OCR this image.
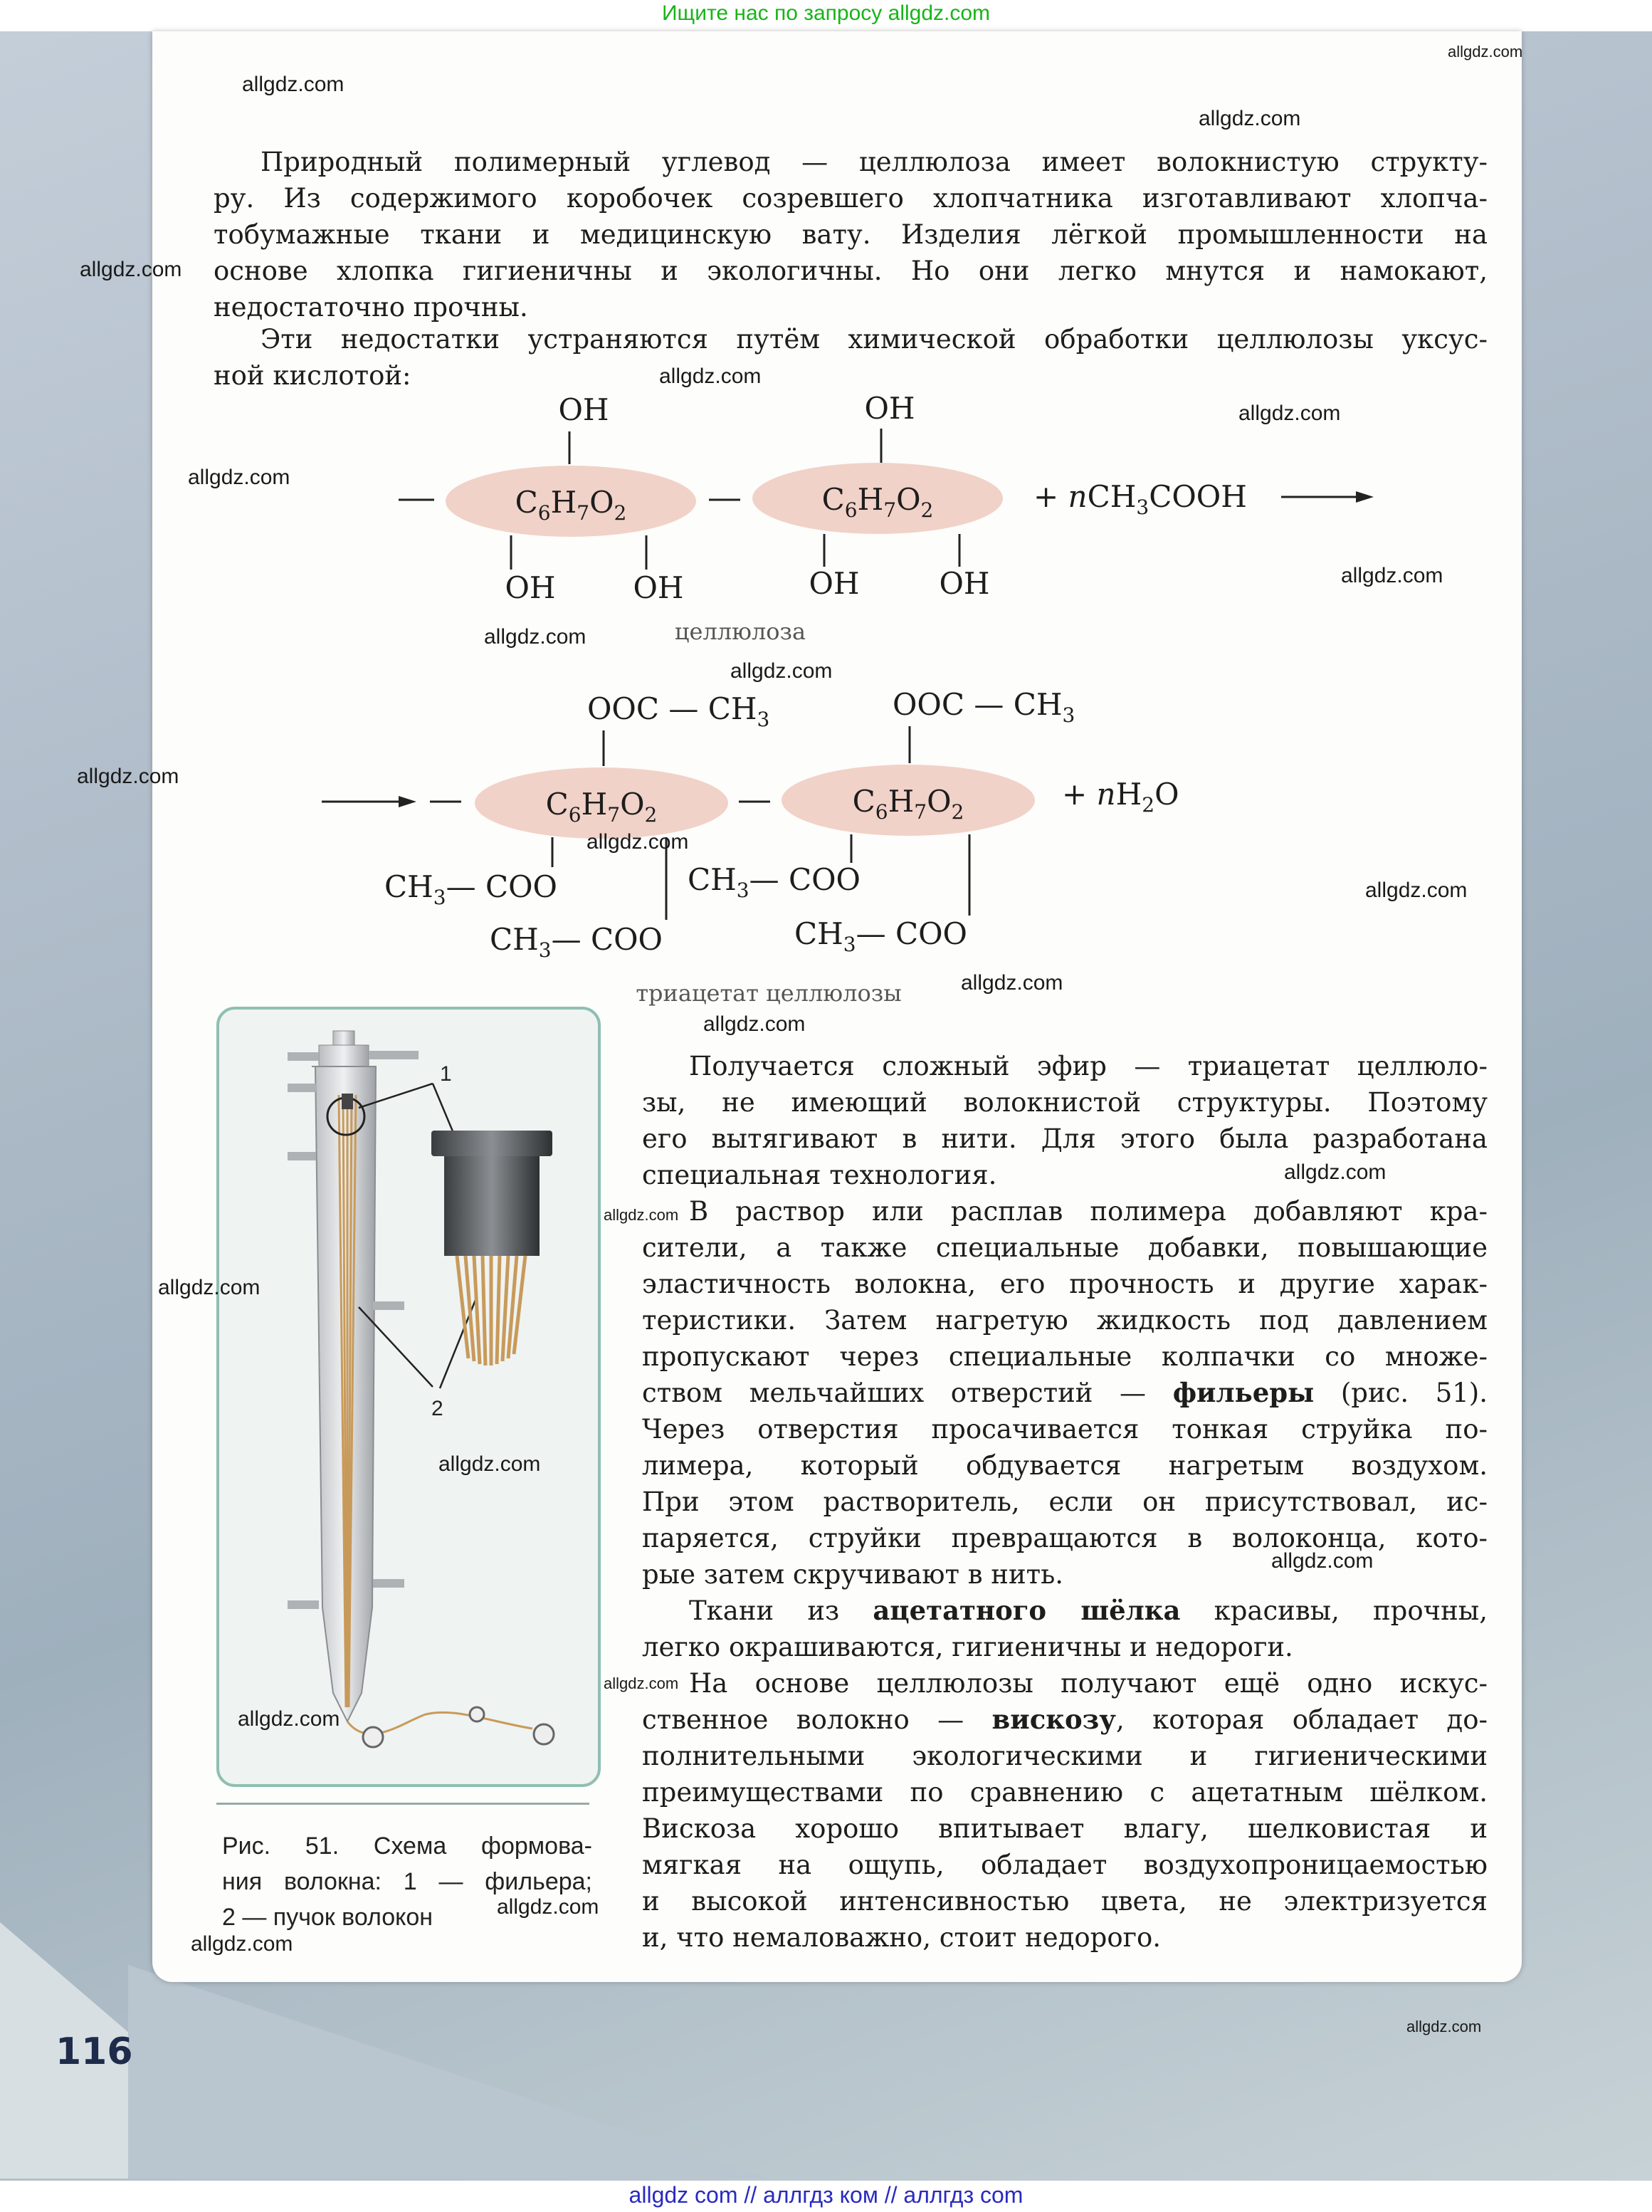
Ищите нас по запросу allgdz.com
Природный полимерный углевод — целлюлоза имеет волокнистую структу-
ру. Из содержимого коробочек созревшего хлопчатника изготавливают хлопча-
тобумажные ткани и медицинскую вату. Изделия лёгкой промышленности на
основе хлопка гигиеничны и экологичны. Но они легко мнутся и намокают,
недостаточно прочны.
Эти недостатки устраняются путём химической обработки целлюлозы уксус-
ной кислотой:
$C_6H_7O_2$	$C_6H_7O_2$
OH	OH
OH	OH	OH	OH
+ nCH$_3$COOH
целлюлоза
$C_6H_7O_2$	$C_6H_7O_2$
+ $nH_2O$
OOC — $CH_3$	OOC — $CH_3$
$CH_3—$ COO
$CH_3—$ COO
$CH_3—$ COO
$CH_3—$ COO
триацетат целлюлозы
1
2
Рис. 51. Схема формова-
ния волокна: 1 — фильера;
2 — пучок волокон
Получается сложный эфир — триацетат целлюло-
зы, не имеющий волокнистой структуры. Поэтому
его вытягивают в нити. Для этого была разработана
специальная технология.
В раствор или расплав полимера добавляют кра-
сители, а также специальные добавки, повышающие
эластичность волокна, его прочность и другие харак-
теристики. Затем нагретую жидкость под давлением
пропускают через специальные колпачки со множе-
ством мельчайших отверстий — фильеры (рис. 51).
Через отверстия просачивается тонкая струйка по-
лимера, который обдувается нагретым воздухом.
При этом растворитель, если он присутствовал, ис-
паряется, струйки превращаются в волоконца, кото-
рые затем скручивают в нить.
Ткани из ацетатного шёлка красивы, прочны,
легко окрашиваются, гигиеничны и недороги.
На основе целлюлозы получают ещё одно искус-
ственное волокно — вискозу, которая обладает до-
полнительными экологическими и гигиеническими
преимуществами по сравнению с ацетатным шёлком.
Вискоза хорошо впитывает влагу, шелковистая и
мягкая на ощупь, обладает воздухопроницаемостью
и высокой интенсивностью цвета, не электризуется
и, что немаловажно, стоит недорого.
116
allgdz.com
allgdz.com
allgdz.com
allgdz.com
allgdz.com
allgdz.com
allgdz.com
allgdz.com
allgdz.com
allgdz.com
allgdz.com
allgdz.com
allgdz.com
allgdz.com
allgdz.com
allgdz.com
allgdz.com
allgdz.com
allgdz.com
allgdz.com
allgdz.com
allgdz.com
allgdz.com
allgdz.com
allgdz.com
allgdz com // аллгдз ком // аллгдз com
